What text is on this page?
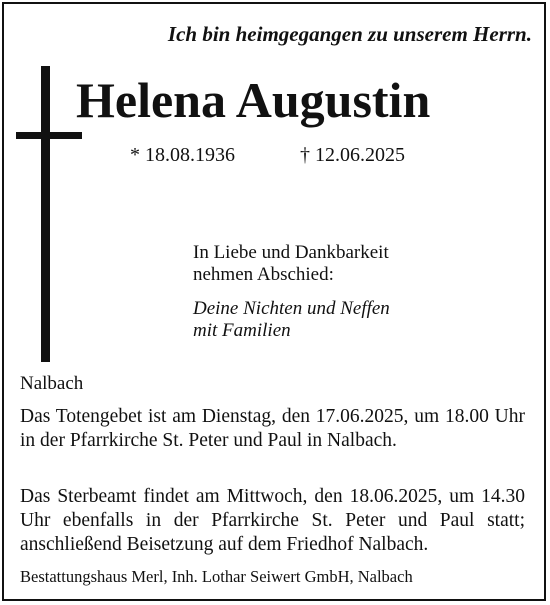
Ich bin heimgegangen zu unserem Herrn.
Helena Augustin
* 18.08.1936	† 12.06.2025
In Liebe und Dankbarkeit
nehmen Abschied:
Deine Nichten und Neffen
mit Familien
Nalbach
Das Totengebet ist am Dienstag, den 17.06.2025, um 18.00 Uhr in der Pfarrkirche St. Peter und Paul in Nalbach.
Das Sterbeamt findet am Mittwoch, den 18.06.2025, um 14.30 Uhr ebenfalls in der Pfarrkirche St. Peter und Paul statt; anschließend Beisetzung auf dem Friedhof Nalbach.
Bestattungshaus Merl, Inh. Lothar Seiwert GmbH, Nalbach
